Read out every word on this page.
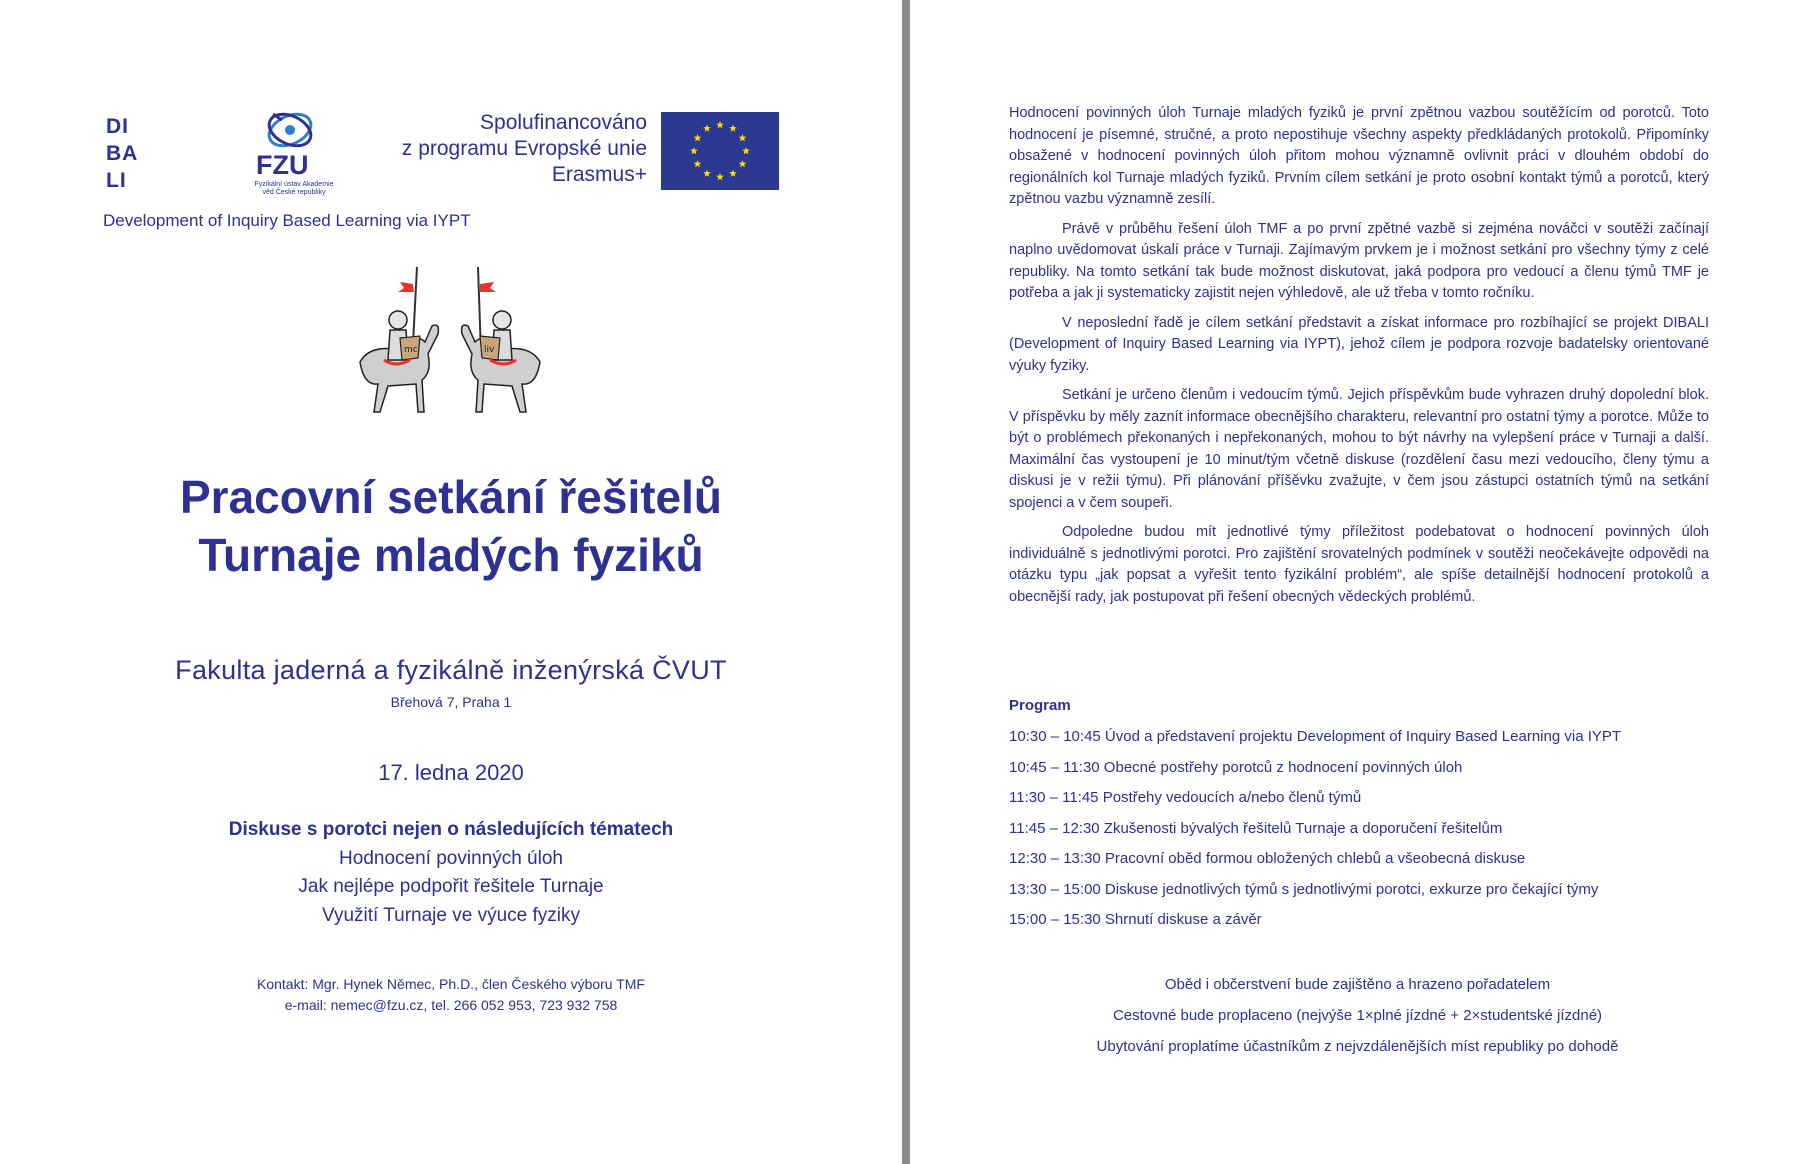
DI
BA
LI
FZU
Fyzikální ústav Akademie
věd České republiky
Spolufinancováno
z programu Evropské unie
Erasmus+
Development of Inquiry Based Learning via IYPT
mc	liv
Pracovní setkání řešitelů
Turnaje mladých fyziků
Fakulta jaderná a fyzikálně inženýrská ČVUT
Břehová 7, Praha 1
17. ledna 2020
Diskuse s porotci nejen o následujících tématech
Hodnocení povinných úloh
Jak nejlépe podpořit řešitele Turnaje
Využití Turnaje ve výuce fyziky
Kontakt: Mgr. Hynek Němec, Ph.D., člen Českého výboru TMF
e-mail: nemec@fzu.cz, tel. 266 052 953, 723 932 758

Hodnocení povinných úloh Turnaje mladých fyziků je první zpětnou vazbou soutěžícím od porotců. Toto hodnocení je písemné, stručné, a proto nepostihuje všechny aspekty předkládaných protokolů. Připomínky obsažené v hodnocení povinných úloh přitom mohou významně ovlivnit práci v dlouhém období do regionálních kol Turnaje mladých fyziků. Prvním cílem setkání je proto osobní kontakt týmů a porotců, který zpětnou vazbu významně zesílí.

Právě v průběhu řešení úloh TMF a po první zpětné vazbě si zejména nováčci v soutěži začínají naplno uvědomovat úskalí práce v Turnaji. Zajímavým prvkem je i možnost setkání pro všechny týmy z celé republiky. Na tomto setkání tak bude možnost diskutovat, jaká podpora pro vedoucí a členu týmů TMF je potřeba a jak ji systematicky zajistit nejen výhledově, ale už třeba v tomto ročníku.

V neposlední řadě je cílem setkání představit a získat informace pro rozbíhající se projekt DIBALI (Development of Inquiry Based Learning via IYPT), jehož cílem je podpora rozvoje badatelsky orientované výuky fyziky.

Setkání je určeno členům i vedoucím týmů. Jejich příspěvkům bude vyhrazen druhý dopolední blok. V příspěvku by měly zaznít informace obecnějšího charakteru, relevantní pro ostatní týmy a porotce. Může to být o problémech překonaných i nepřekonaných, mohou to být návrhy na vylepšení práce v Turnaji a další. Maximální čas vystoupení je 10 minut/tým včetně diskuse (rozdělení času mezi vedoucího, členy týmu a diskusi je v režii týmu). Při plánování příšěvku zvažujte, v čem jsou zástupci ostatních týmů na setkání spojenci a v čem soupeři.

Odpoledne budou mít jednotlivé týmy příležitost podebatovat o hodnocení povinných úloh individuálně s jednotlivými porotci. Pro zajištění srovatelných podmínek v soutěži neočekávejte odpovědi na otázku typu „jak popsat a vyřešit tento fyzikální problém“, ale spíše detailnější hodnocení protokolů a obecnější rady, jak postupovat při řešení obecných vědeckých problémů.

Program
10:30 – 10:45 Úvod a představení projektu Development of Inquiry Based Learning via IYPT
10:45 – 11:30 Obecné postřehy porotců z hodnocení povinných úloh
11:30 – 11:45 Postřehy vedoucích a/nebo členů týmů
11:45 – 12:30 Zkušenosti bývalých řešitelů Turnaje a doporučení řešitelům
12:30 – 13:30 Pracovní oběd formou obložených chlebů a všeobecná diskuse
13:30 – 15:00 Diskuse jednotlivých týmů s jednotlivými porotci, exkurze pro čekající týmy
15:00 – 15:30 Shrnutí diskuse a závěr
Oběd i občerstvení bude zajištěno a hrazeno pořadatelem
Cestovné bude proplaceno (nejvýše 1×plné jízdné + 2×studentské jízdné)
Ubytování proplatíme účastníkům z nejvzdálenějších míst republiky po dohodě
